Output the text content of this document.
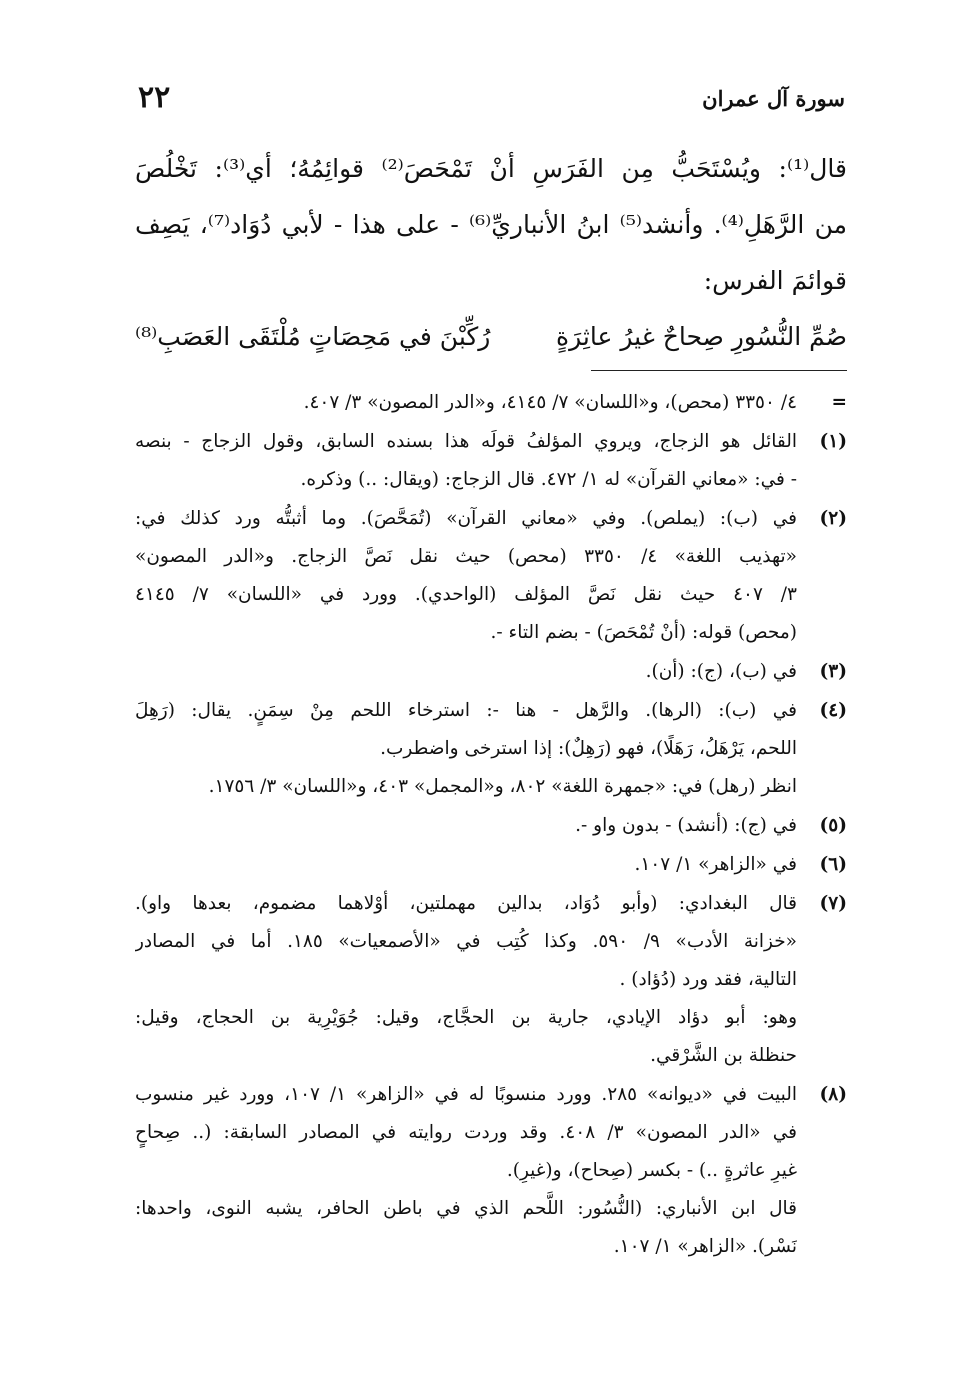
سورة آل عمران
٢٢
قال⁽¹⁾: ويُسْتَحَبُّ مِن الفَرَسِ أنْ تَمْحَصَ⁽²⁾ قوائِمُهُ؛ أي⁽³⁾: تَخْلُصَ
من الرَّهَلِ⁽⁴⁾. وأنشد⁽⁵⁾ ابنُ الأنباريِّ⁽⁶⁾ - على هذا - لأبي دُوَاد⁽⁷⁾، يَصِف
قوائمَ الفرس:
صُمِّ النُّسُورِ صِحاحٌ غيرُ عاثِرَةٍ
رُكِّبْنَ في مَحِصَاتٍ مُلْتَقَى العَصَبِ⁽⁸⁾
=
٤/ ٣٣٥٠ (محص)، و«اللسان» ٧/ ٤١٤٥، و«الدر المصون» ٣/ ٤٠٧.
(١)
القائل هو الزجاج، ويروي المؤلفُ قولَه هذا بسنده السابق، وقول الزجاج - بنصه
- في: «معاني القرآن» له ١/ ٤٧٢. قال الزجاج: (ويقال: ..) وذكره.
(٢)
في (ب): (يملص). وفي «معاني القرآن» (تُمَحَّصَ). وما أثبتُّه ورد كذلك في:
«تهذيب اللغة» ٤/ ٣٣٥٠ (محص) حيث نقل نَصَّ الزجاج. و«الدر المصون»
٣/ ٤٠٧ حيث نقل نَصَّ المؤلف (الواحدي). وورد في «اللسان» ٧/ ٤١٤٥
(محص) قوله: (أنْ تُمْحَصَ) - بضم التاء -.
(٣)
في (ب)، (ج): (أن).
(٤)
في (ب): (الرها). والرَّهل - هنا -: استرخاء اللحم مِنْ سِمَنٍ. يقال: (رَهِلَ
اللحم، يَرْهَلُ، رَهَلًا)، فهو (رَهِلٌ): إذا استرخى واضطرب.
انظر (رهل) في: «جمهرة اللغة» ٨٠٢، و«المجمل» ٤٠٣، و«اللسان» ٣/ ١٧٥٦.
(٥)
في (ج): (أنشد) - بدون واو -.
(٦)
في «الزاهر» ١/ ١٠٧.
(٧)
قال البغدادي: (وأبو دُوَاد، بدالين مهملتين، أوْلاهما مضموم، بعدها واو).
«خزانة الأدب» ٩/ ٥٩٠. وكذا كُتِب في «الأصمعيات» ١٨٥. أما في المصادر
التالية، فقد ورد (دُؤاد) .
وهو: أبو دؤاد الإيادي، جارية بن الحجَّاج، وقيل: جُوَيْرِية بن الحجاج، وقيل:
حنظلة بن الشَّرْقي.
(٨)
البيت في «ديوانه» ٢٨٥. وورد منسوبًا له في «الزاهر» ١/ ١٠٧، وورد غير منسوب
في «الدر المصون» ٣/ ٤٠٨. وقد وردت روايته في المصادر السابقة: (.. صِحاحٍ
غيرِ عاثرةٍ ..) - بكسر (صِحاح)، و(غيرِ).
قال ابن الأنباري: (النُّسُور: اللَّحم الذي في باطن الحافر، يشبه النوى، واحدها:
نَسْر). «الزاهر» ١/ ١٠٧.
